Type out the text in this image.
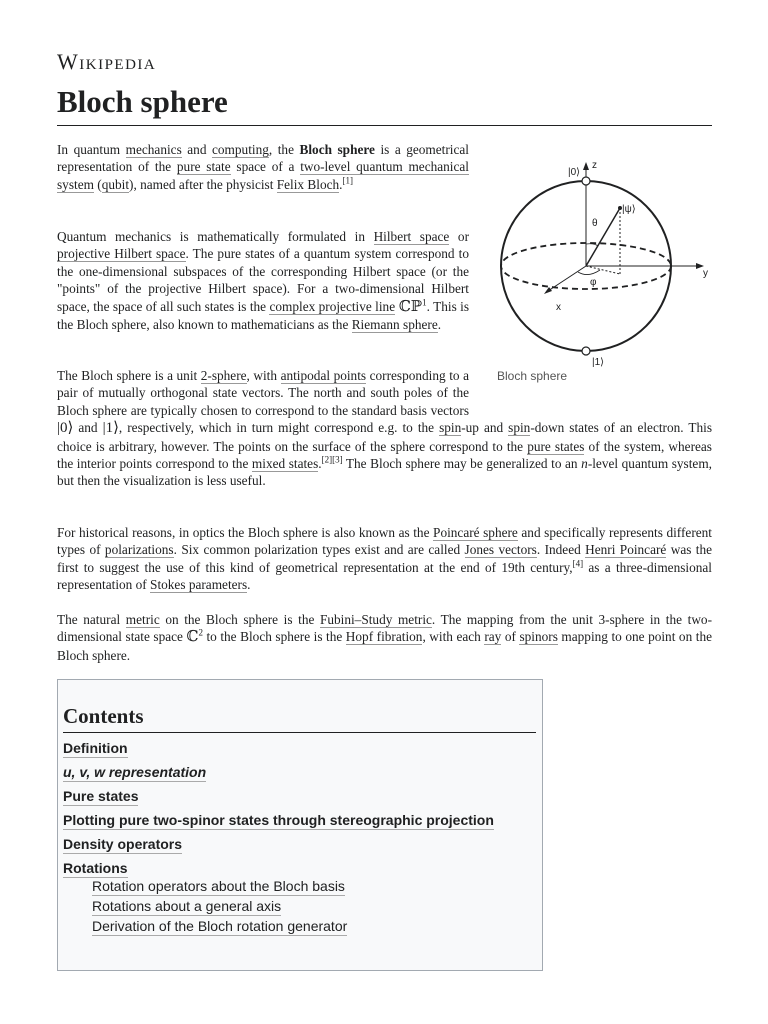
Wikipedia
Bloch sphere

In quantum mechanics and computing, the Bloch sphere is a geometrical representation of the pure state space of a two-level quantum mechanical system (qubit), named after the physicist Felix Bloch.[1]

Quantum mechanics is mathematically formulated in Hilbert space or projective Hilbert space. The pure states of a quantum system correspond to the one-dimensional subspaces of the corresponding Hilbert space (or the "points" of the projective Hilbert space). For a two-dimensional Hilbert space, the space of all such states is the complex projective line ℂℙ$^1$. This is the Bloch sphere, also known to mathematicians as the Riemann sphere.

|0⟩
z
|ψ⟩
θ
y
x
φ
|1⟩
Bloch sphere
The Bloch sphere is a unit 2-sphere, with antipodal points corresponding to a pair of mutually orthogonal state vectors. The north and south poles of the Bloch sphere are typically chosen to correspond to the standard basis vectors |0⟩ and |1⟩, respectively, which in turn might correspond e.g. to the spin-up and spin-down states of an electron. This choice is arbitrary, however. The points on the surface of the sphere correspond to the pure states of the system, whereas the interior points correspond to the mixed states.[2][3] The Bloch sphere may be generalized to an n-level quantum system, but then the visualization is less useful.

For historical reasons, in optics the Bloch sphere is also known as the Poincaré sphere and specifically represents different types of polarizations. Six common polarization types exist and are called Jones vectors. Indeed Henri Poincaré was the first to suggest the use of this kind of geometrical representation at the end of 19th century,[4] as a three-dimensional representation of Stokes parameters.

The natural metric on the Bloch sphere is the Fubini–Study metric. The mapping from the unit 3-sphere in the two-dimensional state space ℂ$^2$ to the Bloch sphere is the Hopf fibration, with each ray of spinors mapping to one point on the Bloch sphere.

Contents
Definition
u, v, w representation
Pure states
Plotting pure two-spinor states through stereographic projection
Density operators
Rotations
Rotation operators about the Bloch basis
Rotations about a general axis
Derivation of the Bloch rotation generator
